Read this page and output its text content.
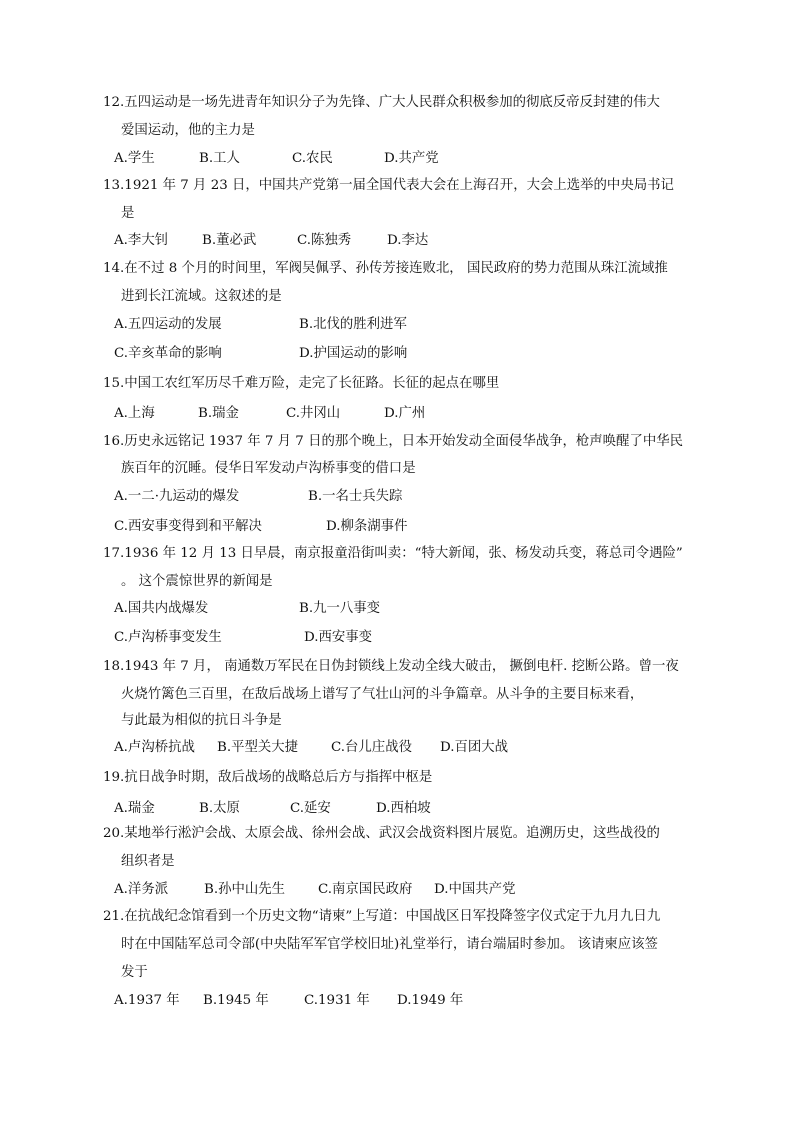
12.五四运动是一场先进青年知识分子为先锋、广大人民群众积极参加的彻底反帝反封建的伟大
爱国运动，他的主力是
A.学生	B.工人	C.农民	D.共产党
13.1921 年 7 月 23 日，中国共产党第一届全国代表大会在上海召开，大会上选举的中央局书记
是
A.李大钊	B.董必武	C.陈独秀	D.李达
14.在不过 8 个月的时间里，军阀吴佩孚、孙传芳接连败北， 国民政府的势力范围从珠江流域推
进到长江流域。这叙述的是
A.五四运动的发展	B.北伐的胜利进军
C.辛亥革命的影响	D.护国运动的影响
15.中国工农红军历尽千难万险，走完了长征路。长征的起点在哪里
A.上海	B.瑞金	C.井冈山	D.广州
16.历史永远铭记 1937 年 7 月 7 日的那个晚上，日本开始发动全面侵华战争，枪声唤醒了中华民
族百年的沉睡。侵华日军发动卢沟桥事变的借口是
A.一二·九运动的爆发	B.一名士兵失踪
C.西安事变得到和平解决	D.柳条湖事件
17.1936 年 12 月 13 日早晨，南京报童沿街叫卖：“特大新闻，张、杨发动兵变，蒋总司令遇险”
。 这个震惊世界的新闻是
A.国共内战爆发	B.九一八事变
C.卢沟桥事变发生	D.西安事变
18.1943 年 7 月， 南通数万军民在日伪封锁线上发动全线大破击， 撅倒电杆. 挖断公路。曾一夜
火烧竹篱色三百里，在敌后战场上谱写了气壮山河的斗争篇章。从斗争的主要目标来看，
与此最为相似的抗日斗争是
A.卢沟桥抗战 B.平型关大捷 C.台儿庄战役 D.百团大战
19.抗日战争时期，敌后战场的战略总后方与指挥中枢是
A.瑞金	B.太原	C.延安	D.西柏坡
20.某地举行淞沪会战、太原会战、徐州会战、武汉会战资料图片展览。追溯历史，这些战役的
组织者是
A.洋务派	B.孙中山先生 C.南京国民政府 D.中国共产党
21.在抗战纪念馆看到一个历史文物“请柬”上写道：中国战区日军投降签字仪式定于九月九日九
时在中国陆军总司令部(中央陆军军官学校旧址)礼堂举行，请台端届时参加。 该请柬应该签
发于
A.1937 年 B.1945 年	C.1931 年 D.1949 年
